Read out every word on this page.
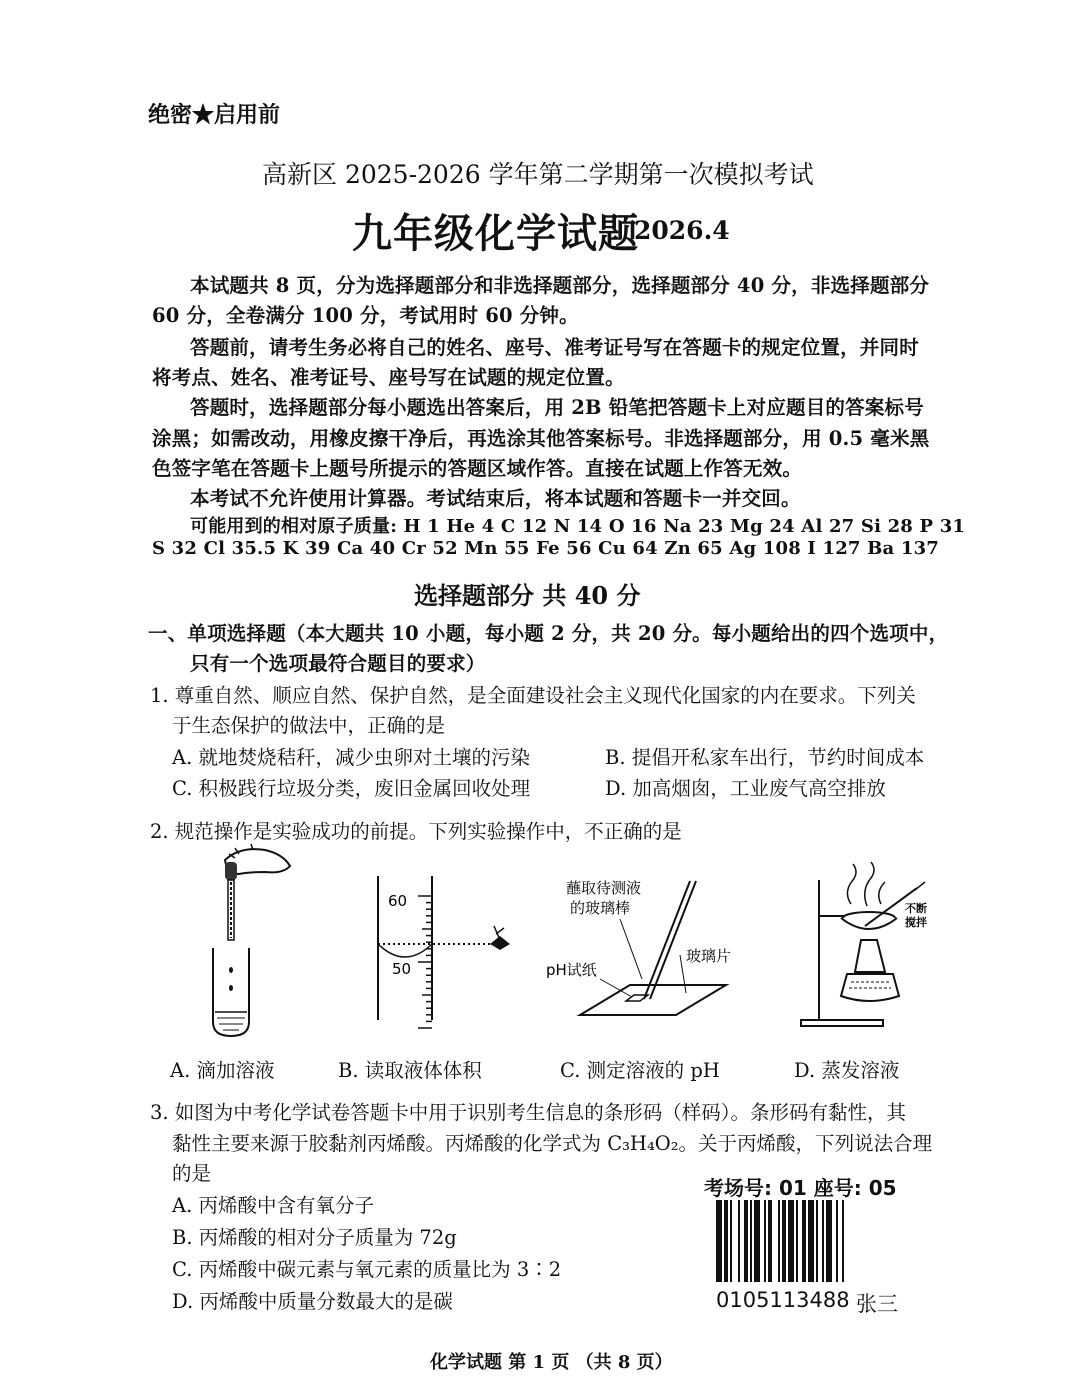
绝密★启用前
高新区 2025-2026 学年第二学期第一次模拟考试
九年级化学试题
2026.4
本试题共 8 页，分为选择题部分和非选择题部分，选择题部分 40 分，非选择题部分
60 分，全卷满分 100 分，考试用时 60 分钟。
答题前，请考生务必将自己的姓名、座号、准考证号写在答题卡的规定位置，并同时
将考点、姓名、准考证号、座号写在试题的规定位置。
答题时，选择题部分每小题选出答案后，用 2B 铅笔把答题卡上对应题目的答案标号
涂黑；如需改动，用橡皮擦干净后，再选涂其他答案标号。非选择题部分，用 0.5 毫米黑
色签字笔在答题卡上题号所提示的答题区域作答。直接在试题上作答无效。
本考试不允许使用计算器。考试结束后，将本试题和答题卡一并交回。
可能用到的相对原子质量: H 1 He 4 C 12 N 14 O 16 Na 23 Mg 24 Al 27 Si 28 P 31
S 32 Cl 35.5 K 39 Ca 40 Cr 52 Mn 55 Fe 56 Cu 64 Zn 65 Ag 108 I 127 Ba 137
选择题部分 共 40 分
一、单项选择题（本大题共 10 小题，每小题 2 分，共 20 分。每小题给出的四个选项中，
只有一个选项最符合题目的要求）
1. 尊重自然、顺应自然、保护自然，是全面建设社会主义现代化国家的内在要求。下列关
于生态保护的做法中，正确的是
A. 就地焚烧秸秆，减少虫卵对土壤的污染	B. 提倡开私家车出行，节约时间成本
C. 积极践行垃圾分类，废旧金属回收处理	D. 加高烟囱，工业废气高空排放
2. 规范操作是实验成功的前提。下列实验操作中，不正确的是
60
50
蘸取待测液
的玻璃棒
pH试纸
玻璃片
不断
搅拌
A. 滴加溶液	B. 读取液体体积	C. 测定溶液的 pH	D. 蒸发溶液
3. 如图为中考化学试卷答题卡中用于识别考生信息的条形码（样码）。条形码有黏性，其
黏性主要来源于胶黏剂丙烯酸。丙烯酸的化学式为 C₃H₄O₂。关于丙烯酸，下列说法合理
的是
A. 丙烯酸中含有氧分子
B. 丙烯酸的相对分子质量为 72g
C. 丙烯酸中碳元素与氧元素的质量比为 3∶2
D. 丙烯酸中质量分数最大的是碳
考场号: 01 座号: 05
0105113488 张三
化学试题 第 1 页 （共 8 页）
